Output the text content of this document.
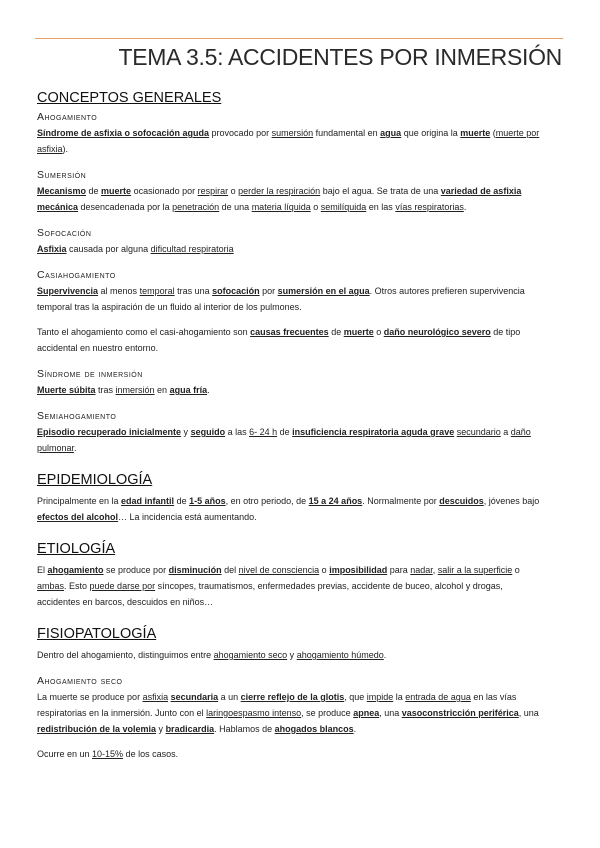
TEMA 3.5: ACCIDENTES POR INMERSIÓN
CONCEPTOS GENERALES
Ahogamiento

Síndrome de asfixia o sofocación aguda provocado por sumersión fundamental en agua que origina la muerte (muerte por asfixia).

Sumersión

Mecanismo de muerte ocasionado por respirar o perder la respiración bajo el agua. Se trata de una variedad de asfixia mecánica desencadenada por la penetración de una materia líquida o semilíquida en las vías respiratorias.

Sofocación

Asfixia causada por alguna dificultad respiratoria

Casiahogamiento

Supervivencia al menos temporal tras una sofocación por sumersión en el agua. Otros autores prefieren supervivencia temporal tras la aspiración de un fluido al interior de los pulmones.

Tanto el ahogamiento como el casi-ahogamiento son causas frecuentes de muerte o daño neurológico severo de tipo accidental en nuestro entorno.

Síndrome de inmersión

Muerte súbita tras inmersión en agua fría.

Semiahogamiento

Episodio recuperado inicialmente y seguido a las 6- 24 h de insuficiencia respiratoria aguda grave secundario a daño pulmonar.

EPIDEMIOLOGÍA

Principalmente en la edad infantil de 1-5 años, en otro periodo, de 15 a 24 años. Normalmente por descuidos, jóvenes bajo efectos del alcohol… La incidencia está aumentando.

ETIOLOGÍA

El ahogamiento se produce por disminución del nivel de consciencia o imposibilidad para nadar, salir a la superficie o ambas. Esto puede darse por síncopes, traumatismos, enfermedades previas, accidente de buceo, alcohol y drogas, accidentes en barcos, descuidos en niños…

FISIOPATOLOGÍA

Dentro del ahogamiento, distinguimos entre ahogamiento seco y ahogamiento húmedo.

Ahogamiento seco

La muerte se produce por asfixia secundaria a un cierre reflejo de la glotis, que impide la entrada de agua en las vías respiratorias en la inmersión. Junto con el laringoespasmo intenso, se produce apnea, una vasoconstricción periférica, una redistribución de la volemia y bradicardia. Hablamos de ahogados blancos.

Ocurre en un 10-15% de los casos.
